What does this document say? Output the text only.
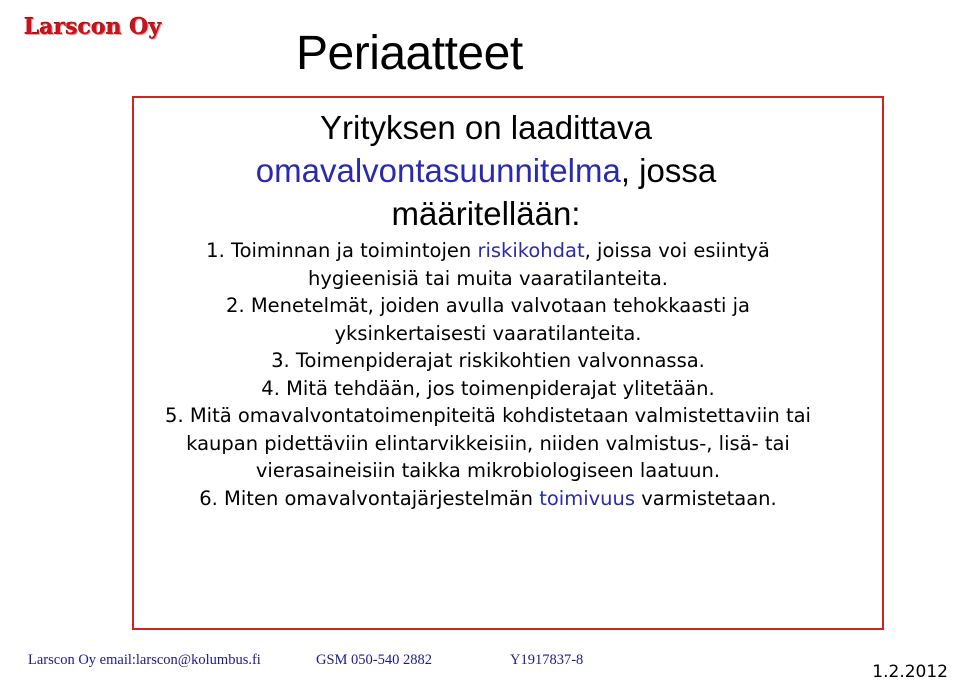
Larscon Oy	Periaatteet
Yrityksen on laadittava
omavalvontasuunnitelma, jossa
määritellään:
1. Toiminnan ja toimintojen riskikohdat, joissa voi esiintyä
hygieenisiä tai muita vaaratilanteita.
2. Menetelmät, joiden avulla valvotaan tehokkaasti ja
yksinkertaisesti vaaratilanteita.
3. Toimenpiderajat riskikohtien valvonnassa.
4. Mitä tehdään, jos toimenpiderajat ylitetään.
5. Mitä omavalvontatoimenpiteitä kohdistetaan valmistettaviin tai
kaupan pidettäviin elintarvikkeisiin, niiden valmistus-, lisä- tai
vierasaineisiin taikka mikrobiologiseen laatuun.
6. Miten omavalvontajärjestelmän toimivuus varmistetaan.
Larscon Oy email:larscon@kolumbus.fi	GSM 050-540 2882	Y1917837-8
1.2.2012
